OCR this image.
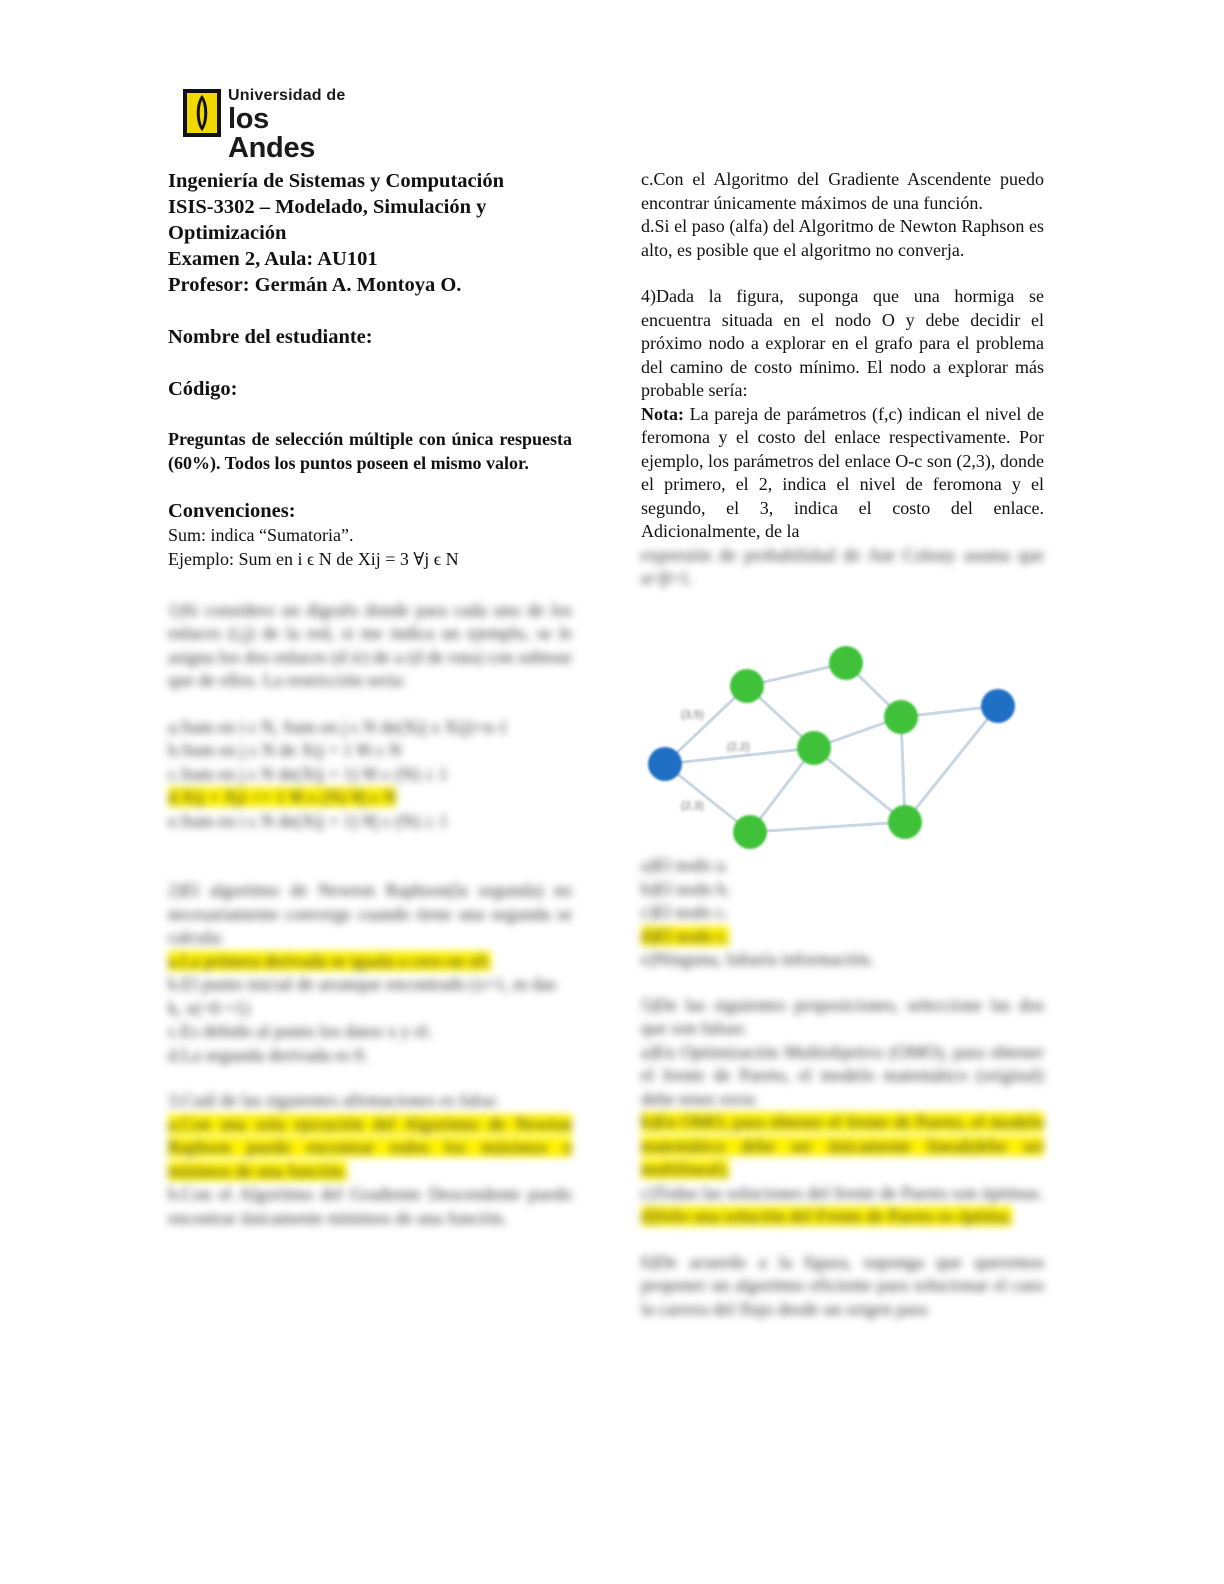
Universidad de
los Andes

Ingeniería de Sistemas y Computación

ISIS-3302 – Modelado, Simulación y

Optimización

Examen 2, Aula: AU101

Profesor: Germán A. Montoya O.

Nombre del estudiante:

Código:

Preguntas de selección múltiple con única respuesta (60%). Todos los puntos poseen el mismo valor.

Convenciones:

Sum: indica “Sumatoria”.

Ejemplo: Sum en i ϵ N de Xij = 3 ∀j ϵ N

1)Si considero un digrafo donde para cada uno de los enlaces (i,j) de la red, si me indica un ejemplo, se le asigna los dos enlaces (d ir) de a (d de ruta) con subtour que de ellos. La restricción sería:

a.Sum en i ϵ N, Sum en j ϵ N de(Xij x Xij)=n-1

b.Sum en j ϵ N de Xij = 1 ∀i ϵ N

c.Sum en j ϵ N de(Xij + 1) ∀i ϵ (N) ≥ 1

d.Xij + Xji <= 1 ∀i ϵ (N) ∀j ϵ N

e.Sum en i ϵ N de(Xij + 1) ∀j ϵ (N) ≥ 1

2)El algoritmo de Newton Raphson(la segunda) no necesariamente converge cuando tiene una segunda se calcula:

a.La primera derivada se iguala a cero en x0.

b.El punto inicial de arranque encontrado (x=1, m das k, x(=0 =1)

c.Es debido al punto los datos x y el.

d.La segunda derivada es 0.

3.Cuál de las siguientes afirmaciones es falsa:

a.Con una sola ejecución del Algoritmo de Newton Raphson puedo encontrar todos los máximos o mínimos de una función.

b.Con el Algoritmo del Gradiente Descendente puedo encontrar únicamente mínimos de una función.

c.Con el Algoritmo del Gradiente Ascendente puedo encontrar únicamente máximos de una función.

d.Si el paso (alfa) del Algoritmo de Newton Raphson es alto, es posible que el algoritmo no converja.

4)Dada la figura, suponga que una hormiga se encuentra situada en el nodo O y debe decidir el próximo nodo a explorar en el grafo para el problema del camino de costo mínimo. El nodo a explorar más probable sería:

Nota: La pareja de parámetros (f,c) indican el nivel de feromona y el costo del enlace respectivamente. Por ejemplo, los parámetros del enlace O-c son (2,3), donde el primero, el 2, indica el nivel de feromona y el segundo, el 3, indica el costo del enlace. Adicionalmente, de la

expresión de probabilidad de Ant Colony asuma que α=β=1.

(3,5)
(2,2)
(2,3)

a)El nodo a.

b)El nodo b.

c)El nodo c.

d)El nodo c.

e)Ninguna, faltaría información.

5)De las siguientes proposiciones, seleccione las dos que son falsas:

a)En Optimización Multiobjetivo (OMO), para obtener el frente de Pareto, el modelo matemático (original) debe tener error.

b)En OMO, para obtener el frente de Pareto, el modelo matemático debe ser únicamente lineal(debe ser multilineal).

c)Todas las soluciones del frente de Pareto son óptimas.

d)Sólo una solución del Frente de Pareto es óptima.

6)De acuerdo a la figura, suponga que queremos proponer un algoritmo eficiente para solucionar el caso la carrera del flujo desde un origen para
